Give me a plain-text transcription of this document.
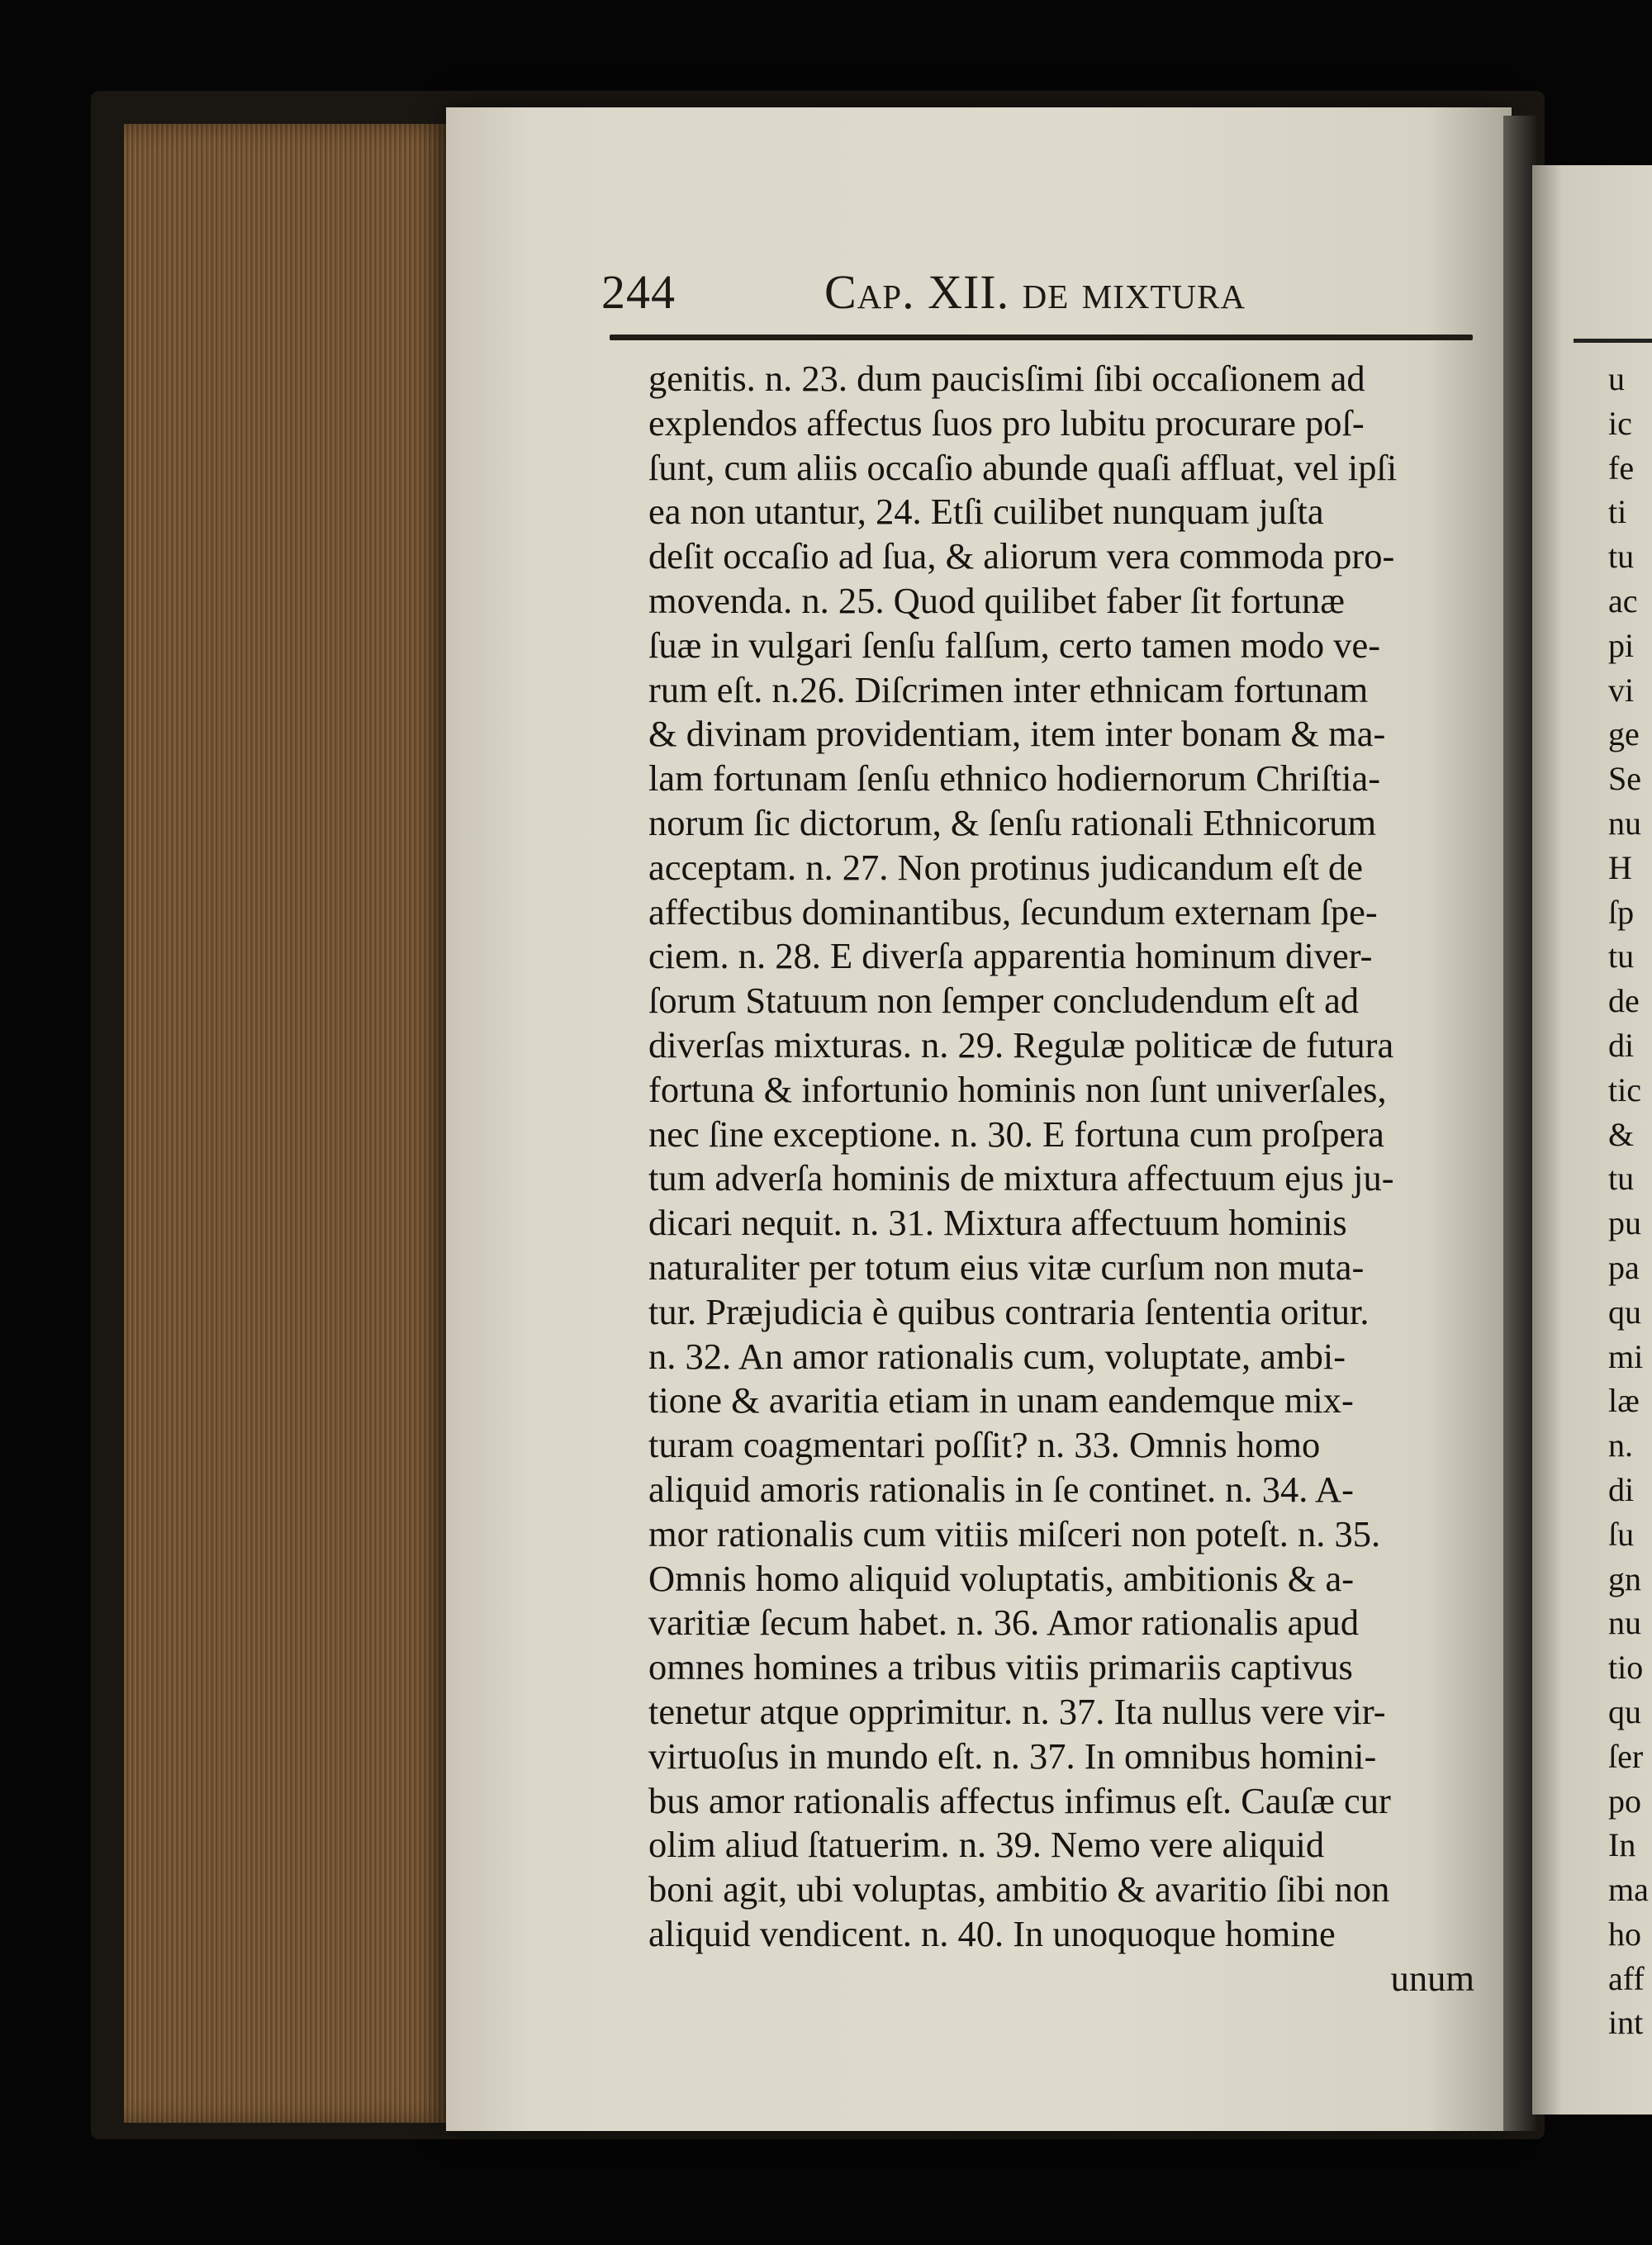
244	Cap. XII. de mixtura
genitis. n. 23. dum paucisſimi ſibi occaſionem ad
explendos affectus ſuos pro lubitu procurare poſ-
ſunt, cum aliis occaſio abunde quaſi affluat, vel ipſi
ea non utantur, 24. Etſi cuilibet nunquam juſta
deſit occaſio ad ſua, & aliorum vera commoda pro-
movenda. n. 25. Quod quilibet faber ſit fortunæ
ſuæ in vulgari ſenſu falſum, certo tamen modo ve-
rum eſt. n.26. Diſcrimen inter ethnicam fortunam
& divinam providentiam, item inter bonam & ma-
lam fortunam ſenſu ethnico hodiernorum Chriſtia-
norum ſic dictorum, & ſenſu rationali Ethnicorum
acceptam. n. 27. Non protinus judicandum eſt de
affectibus dominantibus, ſecundum externam ſpe-
ciem. n. 28. E diverſa apparentia hominum diver-
ſorum Statuum non ſemper concludendum eſt ad
diverſas mixturas. n. 29. Regulæ politicæ de futura
fortuna & infortunio hominis non ſunt univerſales,
nec ſine exceptione. n. 30. E fortuna cum proſpera
tum adverſa hominis de mixtura affectuum ejus ju-
dicari nequit. n. 31. Mixtura affectuum hominis
naturaliter per totum eius vitæ curſum non muta-
tur. Præjudicia è quibus contraria ſententia oritur.
n. 32. An amor rationalis cum, voluptate, ambi-
tione & avaritia etiam in unam eandemque mix-
turam coagmentari poſſit? n. 33. Omnis homo
aliquid amoris rationalis in ſe continet. n. 34. A-
mor rationalis cum vitiis miſceri non poteſt. n. 35.
Omnis homo aliquid voluptatis, ambitionis & a-
varitiæ ſecum habet. n. 36. Amor rationalis apud
omnes homines a tribus vitiis primariis captivus
tenetur atque opprimitur. n. 37. Ita nullus vere vir-
virtuoſus in mundo eſt. n. 37. In omnibus homini-
bus amor rationalis affectus infimus eſt. Cauſæ cur
olim aliud ſtatuerim. n. 39. Nemo vere aliquid
boni agit, ubi voluptas, ambitio & avaritio ſibi non
aliquid vendicent. n. 40. In unoquoque homine
unum
u
ic
fe
ti
tu
ac
pi
vi
ge
Se
nu
H
ſp
tu
de
di
tic
&
tu
pu
pa
qu
mi
læ
n.
di
ſu
gn
nu
tio
qu
ſer
po
In
ma
ho
aff
int
